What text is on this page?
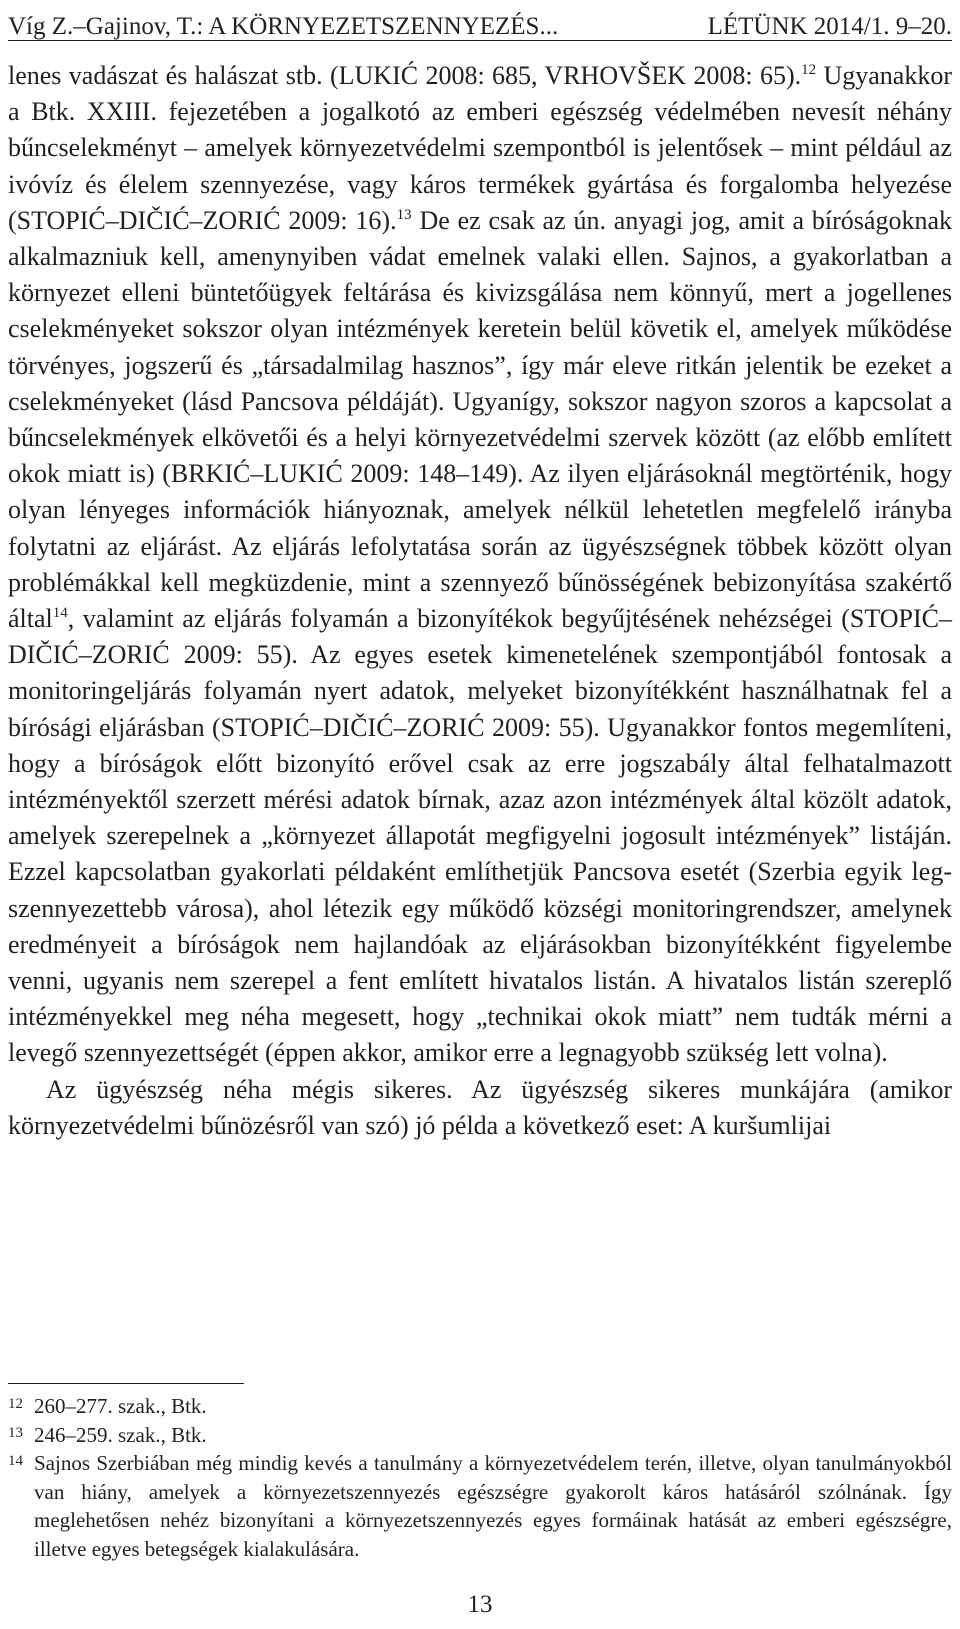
Víg Z.–Gajinov, T.: A KÖRNYEZETSZENNYEZÉS...	LÉTÜNK 2014/1. 9–20.

lenes vadászat és halászat stb. (LUKIĆ 2008: 685, VRHOVŠEK 2008: 65).$^{12}$ Ugyanakkor a Btk. XXIII. fejezetében a jogalkotó az emberi egészség védelmében nevesít néhány bűncselekményt – amelyek környezetvédelmi szempontból is jelentősek – mint például az ivóvíz és élelem szennyezése, vagy káros termékek gyártása és forgalomba helyezése (STOPIĆ–DIČIĆ–ZORIĆ 2009: 16).$^{13}$ De ez csak az ún. anyagi jog, amit a bíróságoknak alkalmazniuk kell, amenynyiben vádat emelnek valaki ellen. Sajnos, a gyakorlatban a környezet elleni büntetőügyek feltárása és kivizsgálása nem könnyű, mert a jogellenes cselekményeket sokszor olyan intézmények keretein belül követik el, amelyek működése törvényes, jogszerű és „társadalmilag hasznos”, így már eleve ritkán jelentik be ezeket a cselekményeket (lásd Pancsova példáját). Ugyanígy, sokszor nagyon szoros a kapcsolat a bűncselekmények elkövetői és a helyi környezetvédelmi szervek között (az előbb említett okok miatt is) (BRKIĆ–LUKIĆ 2009: 148–149). Az ilyen eljárásoknál megtörténik, hogy olyan lényeges információk hiányoznak, amelyek nélkül lehetetlen megfelelő irányba folytatni az eljárást. Az eljárás lefolytatása során az ügyészségnek többek között olyan problémákkal kell megküzdenie, mint a szennyező bűnösségének bebizonyítása szakértő által$^{14}$, valamint az eljárás folyamán a bizonyítékok begyűjtésének nehézségei (STOPIĆ–DIČIĆ–ZORIĆ 2009: 55). Az egyes esetek kimenetelének szempontjából fontosak a monitoringeljárás folyamán nyert adatok, melyeket bizonyítékként használhatnak fel a bírósági eljárásban (STOPIĆ–DIČIĆ–ZORIĆ 2009: 55). Ugyanakkor fontos megemlíteni, hogy a bíróságok előtt bizonyító erővel csak az erre jogszabály által felhatalmazott intézményektől szerzett mérési adatok bírnak, azaz azon intézmények által közölt adatok, amelyek szerepelnek a „környezet állapotát megfigyelni jogosult intézmények” listáján. Ezzel kapcsolatban gyakorlati példaként említhetjük Pancsova esetét (Szerbia egyik legszennyezettebb városa), ahol létezik egy működő községi monitoringrendszer, amelynek eredményeit a bíróságok nem hajlandóak az eljárásokban bizonyítékként figyelembe venni, ugyanis nem szerepel a fent említett hivatalos listán. A hivatalos listán szereplő intézményekkel meg néha megesett, hogy „technikai okok miatt” nem tudták mérni a levegő szennyezettségét (éppen akkor, amikor erre a legnagyobb szükség lett volna).

Az ügyészség néha mégis sikeres. Az ügyészség sikeres munkájára (amikor környezetvédelmi bűnözésről van szó) jó példa a következő eset: A kuršumlijai

12 260–277. szak., Btk.
13 246–259. szak., Btk.
14 Sajnos Szerbiában még mindig kevés a tanulmány a környezetvédelem terén, illetve, olyan tanulmányokból van hiány, amelyek a környezetszennyezés egészségre gyakorolt káros hatásáról szólnának. Így meglehetősen nehéz bizonyítani a környezetszennyezés egyes formáinak hatását az emberi egészségre, illetve egyes betegségek kialakulására.
13
